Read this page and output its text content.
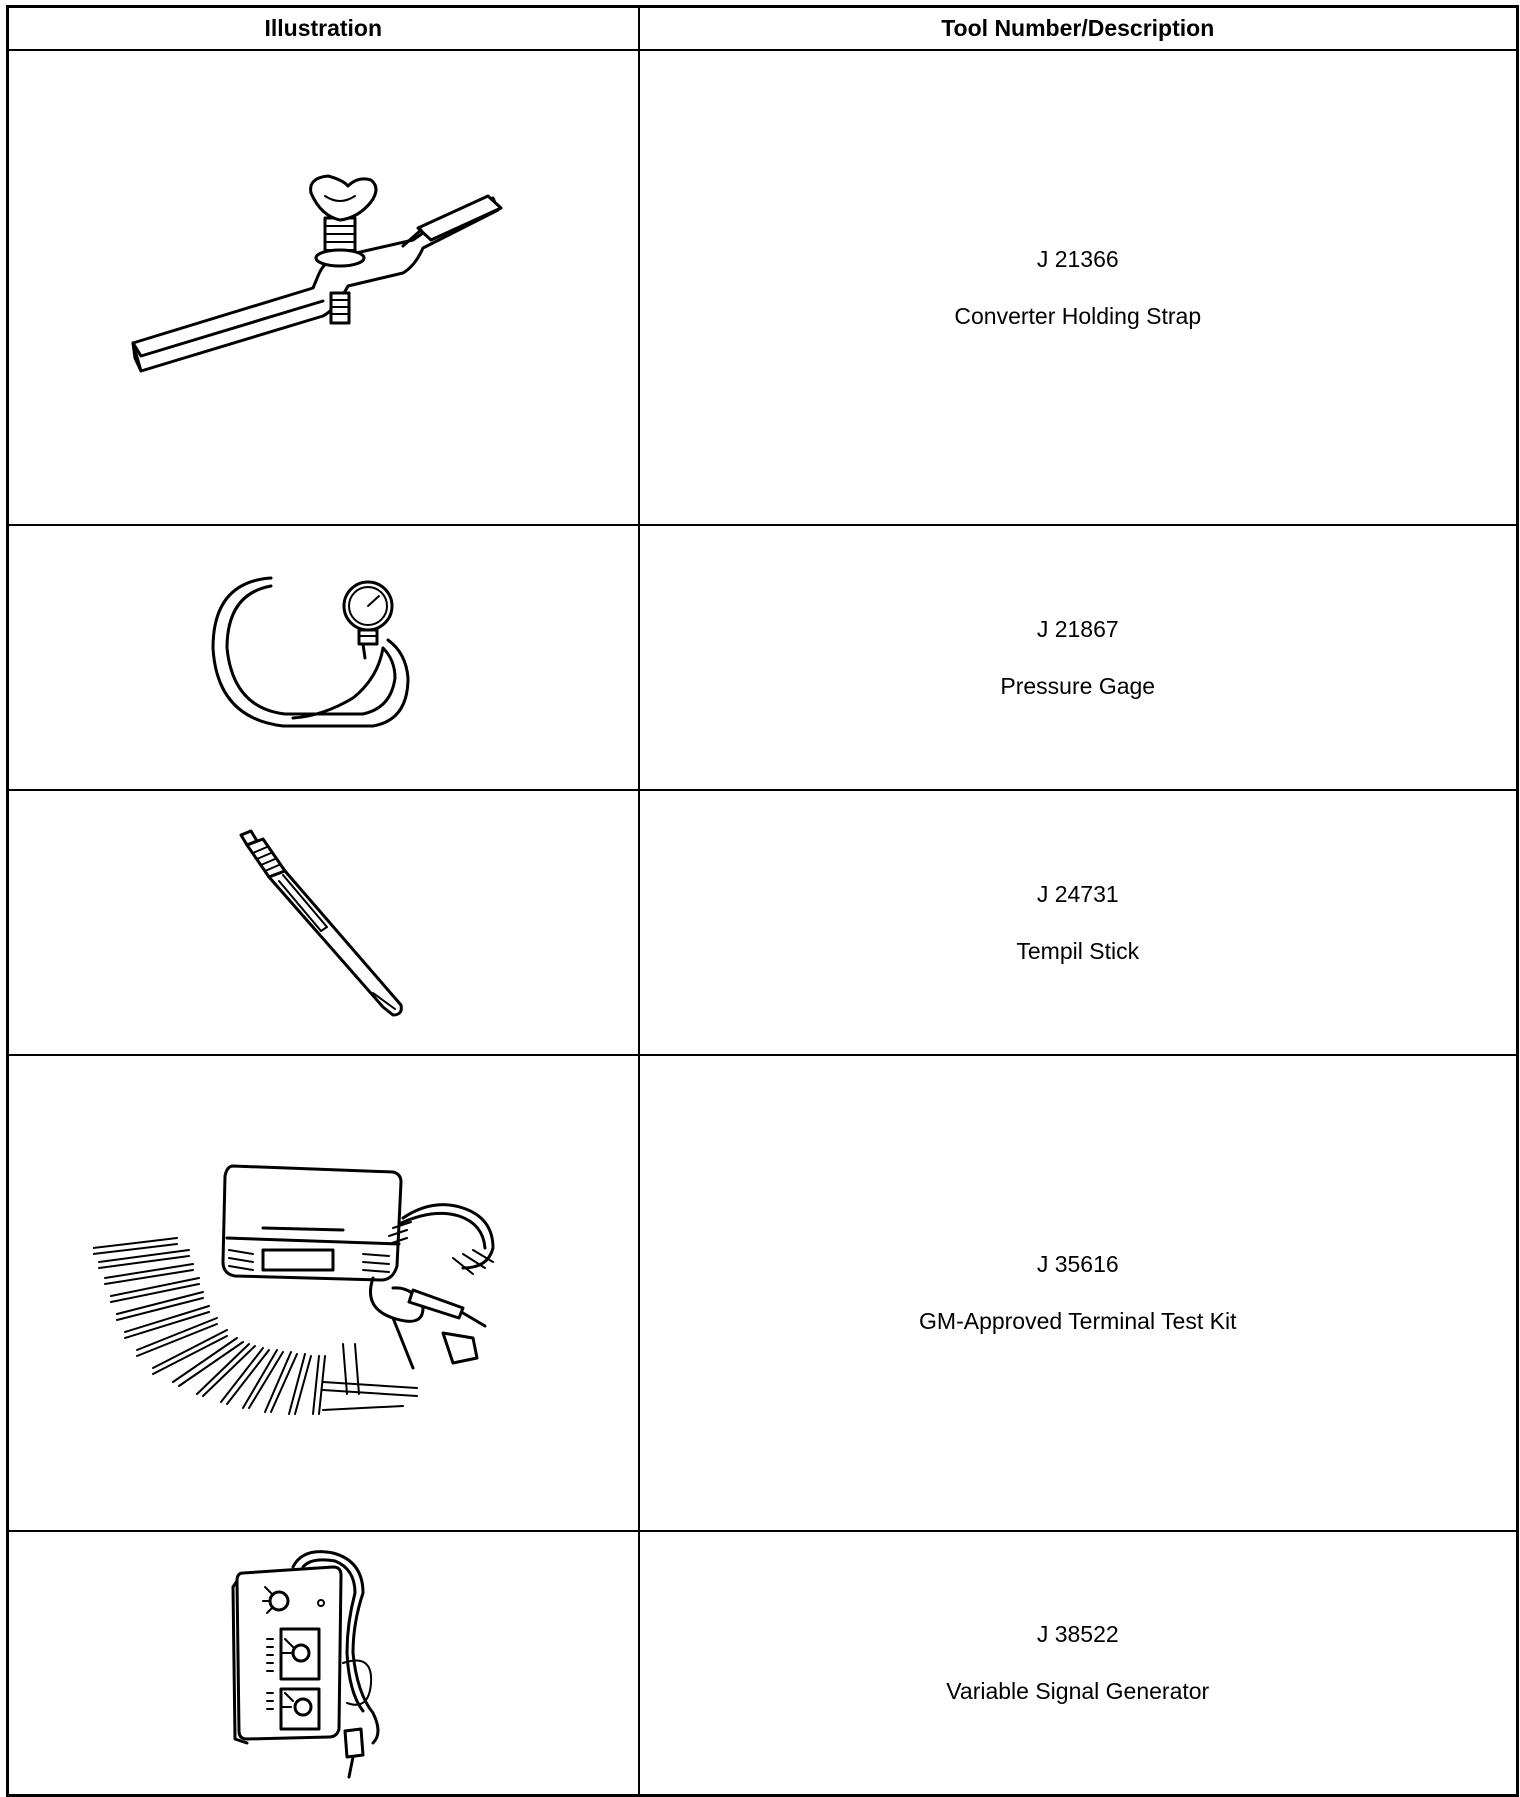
Illustration	Tool Number/Description

J 21366
Converter Holding Strap

J 21867
Pressure Gage

J 24731
Tempil Stick

J 35616
GM-Approved Terminal Test Kit

J 38522
Variable Signal Generator
